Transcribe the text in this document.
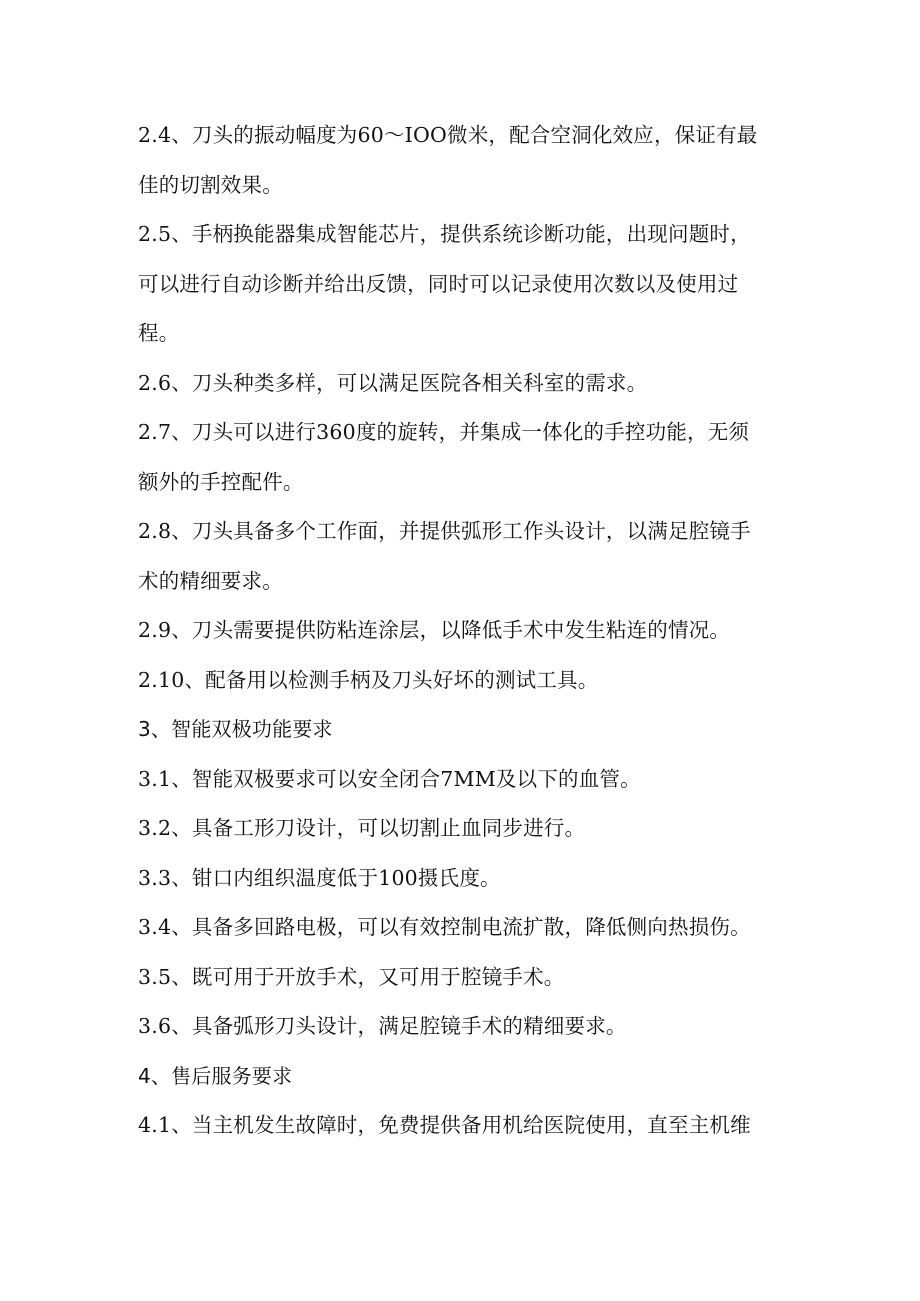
2.4、刀头的振动幅度为60～IOO微米，配合空洞化效应，保证有最
佳的切割效果。
2.5、手柄换能器集成智能芯片，提供系统诊断功能，出现问题时，
可以进行自动诊断并给出反馈，同时可以记录使用次数以及使用过
程。
2.6、刀头种类多样，可以满足医院各相关科室的需求。
2.7、刀头可以进行360度的旋转，并集成一体化的手控功能，无须
额外的手控配件。
2.8、刀头具备多个工作面，并提供弧形工作头设计，以满足腔镜手
术的精细要求。
2.9、刀头需要提供防粘连涂层，以降低手术中发生粘连的情况。
2.10、配备用以检测手柄及刀头好坏的测试工具。
3、智能双极功能要求
3.1、智能双极要求可以安全闭合7MM及以下的血管。
3.2、具备工形刀设计，可以切割止血同步进行。
3.3、钳口内组织温度低于100摄氏度。
3.4、具备多回路电极，可以有效控制电流扩散，降低侧向热损伤。
3.5、既可用于开放手术，又可用于腔镜手术。
3.6、具备弧形刀头设计，满足腔镜手术的精细要求。
4、售后服务要求
4.1、当主机发生故障时，免费提供备用机给医院使用，直至主机维
